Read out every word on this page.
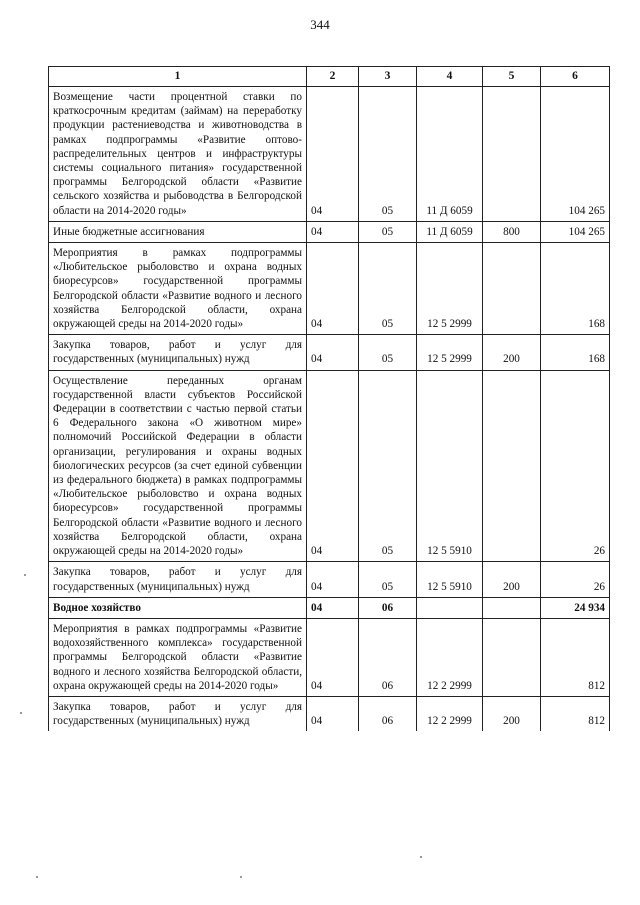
344
1	2	3	4	5	6
Возмещение части процентной ставки по краткосрочным кредитам (займам) на переработку продукции растениеводства и животноводства в рамках подпрограммы «Развитие оптово-распределительных центров и инфраструктуры системы социального питания» государственной программы Белгородской области «Развитие сельского хозяйства и рыбоводства в Белгородской области на 2014-2020 годы»	04	05	11 Д 6059		104 265
Иные бюджетные ассигнования	04	05	11 Д 6059	800	104 265
Мероприятия в рамках подпрограммы «Любительское рыболовство и охрана водных биоресурсов» государственной программы Белгородской области «Развитие водного и лесного хозяйства Белгородской области, охрана окружающей среды на 2014-2020 годы»	04	05	12 5 2999		168
Закупка товаров, работ и услуг для государственных (муниципальных) нужд	04	05	12 5 2999	200	168
Осуществление переданных органам государственной власти субъектов Российской Федерации в соответствии с частью первой статьи 6 Федерального закона «О животном мире» полномочий Российской Федерации в области организации, регулирования и охраны водных биологических ресурсов (за счет единой субвенции из федерального бюджета) в рамках подпрограммы «Любительское рыболовство и охрана водных биоресурсов» государственной программы Белгородской области «Развитие водного и лесного хозяйства Белгородской области, охрана окружающей среды на 2014-2020 годы»	04	05	12 5 5910		26
Закупка товаров, работ и услуг для государственных (муниципальных) нужд	04	05	12 5 5910	200	26
Водное хозяйство	04	06			24 934
Мероприятия в рамках подпрограммы «Развитие водохозяйственного комплекса» государственной программы Белгородской области «Развитие водного и лесного хозяйства Белгородской области, охрана окружающей среды на 2014-2020 годы»	04	06	12 2 2999		812
Закупка товаров, работ и услуг для государственных (муниципальных) нужд	04	06	12 2 2999	200	812
